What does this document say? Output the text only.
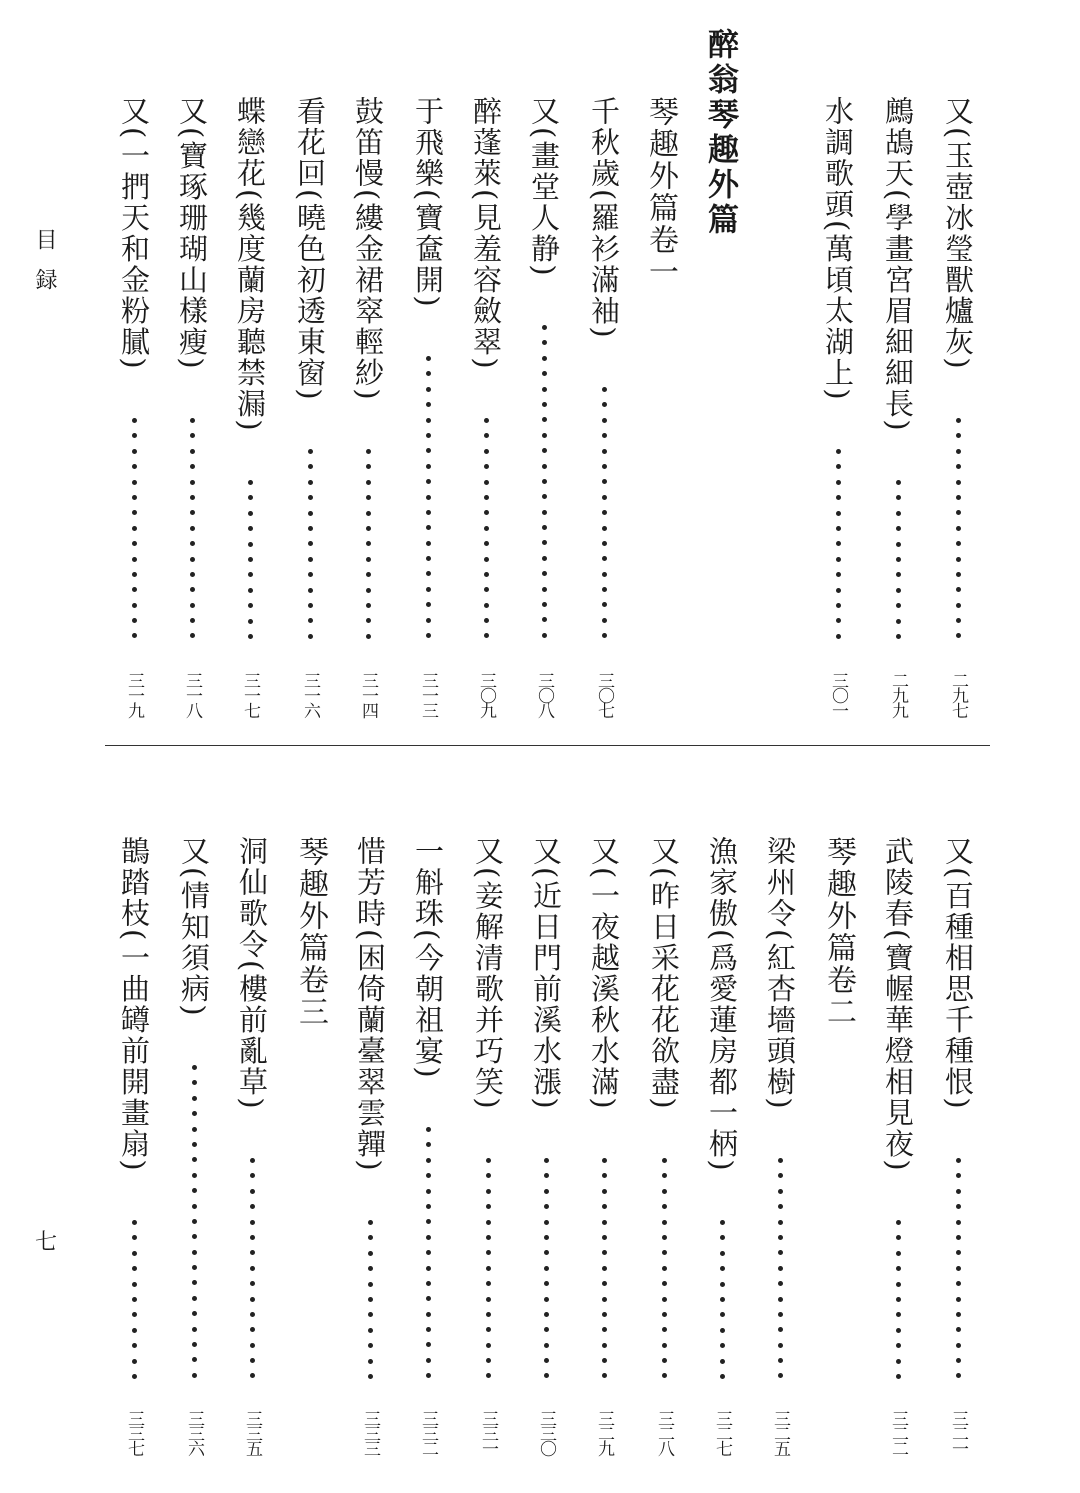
目録
七
又(玉壺冰瑩獸爐灰)
二九七
鷓鴣天(學畫宮眉細細長)
二九九
水調歌頭(萬頃太湖上)
三〇一
醉翁琴趣外篇
琴趣外篇卷一
千秋歲(羅衫滿袖)
三〇七
又(畫堂人静)
三〇八
醉蓬萊(見羞容斂翠)
三〇九
于飛樂(寶奩開)
三一三
鼓笛慢(縷金裙窣輕紗)
三一四
看花回(曉色初透東窗)
三一六
蝶戀花(幾度蘭房聽禁漏)
三一七
又(寶琢珊瑚山樣瘦)
三一八
又(一捫天和金粉膩)
三一九
又(百種相思千種恨)
三二一
武陵春(寶幄華燈相見夜)
三二二
琴趣外篇卷二
梁州令(紅杏墻頭樹)
三二五
漁家傲(爲愛蓮房都一柄)
三二七
又(昨日采花花欲盡)
三二八
又(一夜越溪秋水滿)
三二九
又(近日門前溪水漲)
三三〇
又(妾解清歌并巧笑)
三三一
一斛珠(今朝祖宴)
三三二
惜芳時(困倚蘭臺翠雲嚲)
三三三
琴趣外篇卷三
洞仙歌令(樓前亂草)
三三五
又(情知須病)
三三六
鵲踏枝(一曲罇前開畫扇)
三三七
